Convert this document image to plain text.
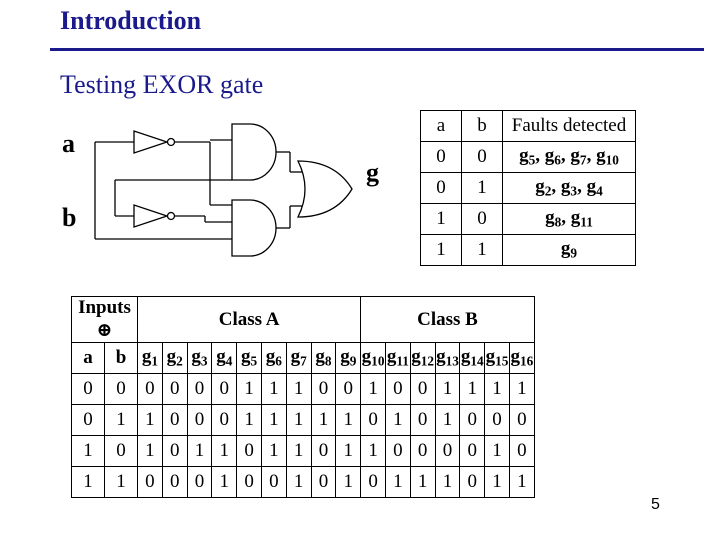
Introduction
Testing EXOR gate
a
b
g
a	b	Faults detected
0	0	$g_5$, $g_6$, $g_7$, $g_{10}$
0	1	$g_2$, $g_3$, $g_4$
1	0	$g_8$, $g_{11}$
1	1	$g_9$
Inputs ⊕		Class A									Class B						
a	b	$g_1$	$g_2$	$g_3$	$g_4$	$g_5$	$g_6$	$g_7$	$g_8$	$g_9$	$g_{10}$	$g_{11}$	$g_{12}$	$g_{13}$	$g_{14}$	$g_{15}$	$g_{16}$
0	0	0	0	0	0	1	1	1	0	0	1	0	0	1	1	1	1
0	1	1	0	0	0	1	1	1	1	1	0	1	0	1	0	0	0
1	0	1	0	1	1	0	1	1	0	1	1	0	0	0	0	1	0
1	1	0	0	0	1	0	0	1	0	1	0	1	1	1	0	1	1
5
